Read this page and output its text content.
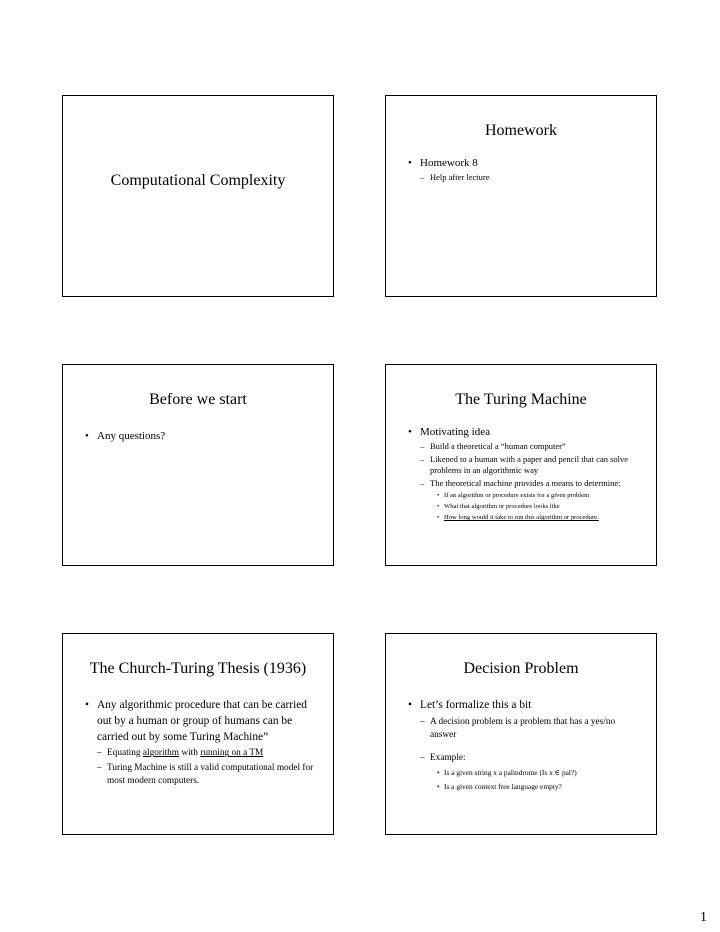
Computational Complexity
Homework
• Homework 8
– Help after lecture
Before we start
• Any questions?
The Turing Machine
• Motivating idea
– Build a theoretical a “human computer”
– Likened to a human with a paper and pencil that can solve problems in an algorithmic way
– The theoretical machine provides a means to determine:
• If an algorithm or procedure exists for a given problem
• What that algorithm or procedure looks like
• How long would it take to run this algorithm or procedure.
The Church-Turing Thesis (1936)
• Any algorithmic procedure that can be carried out by a human or group of humans can be carried out by some Turing Machine”
– Equating algorithm with running on a TM
– Turing Machine is still a valid computational model for most modern computers.
Decision Problem
• Let’s formalize this a bit
– A decision problem is a problem that has a yes/no answer
– Example:
• Is a given string x a palindrome (Is x ∈ pal?)
• Is a given context free language empty?
1
